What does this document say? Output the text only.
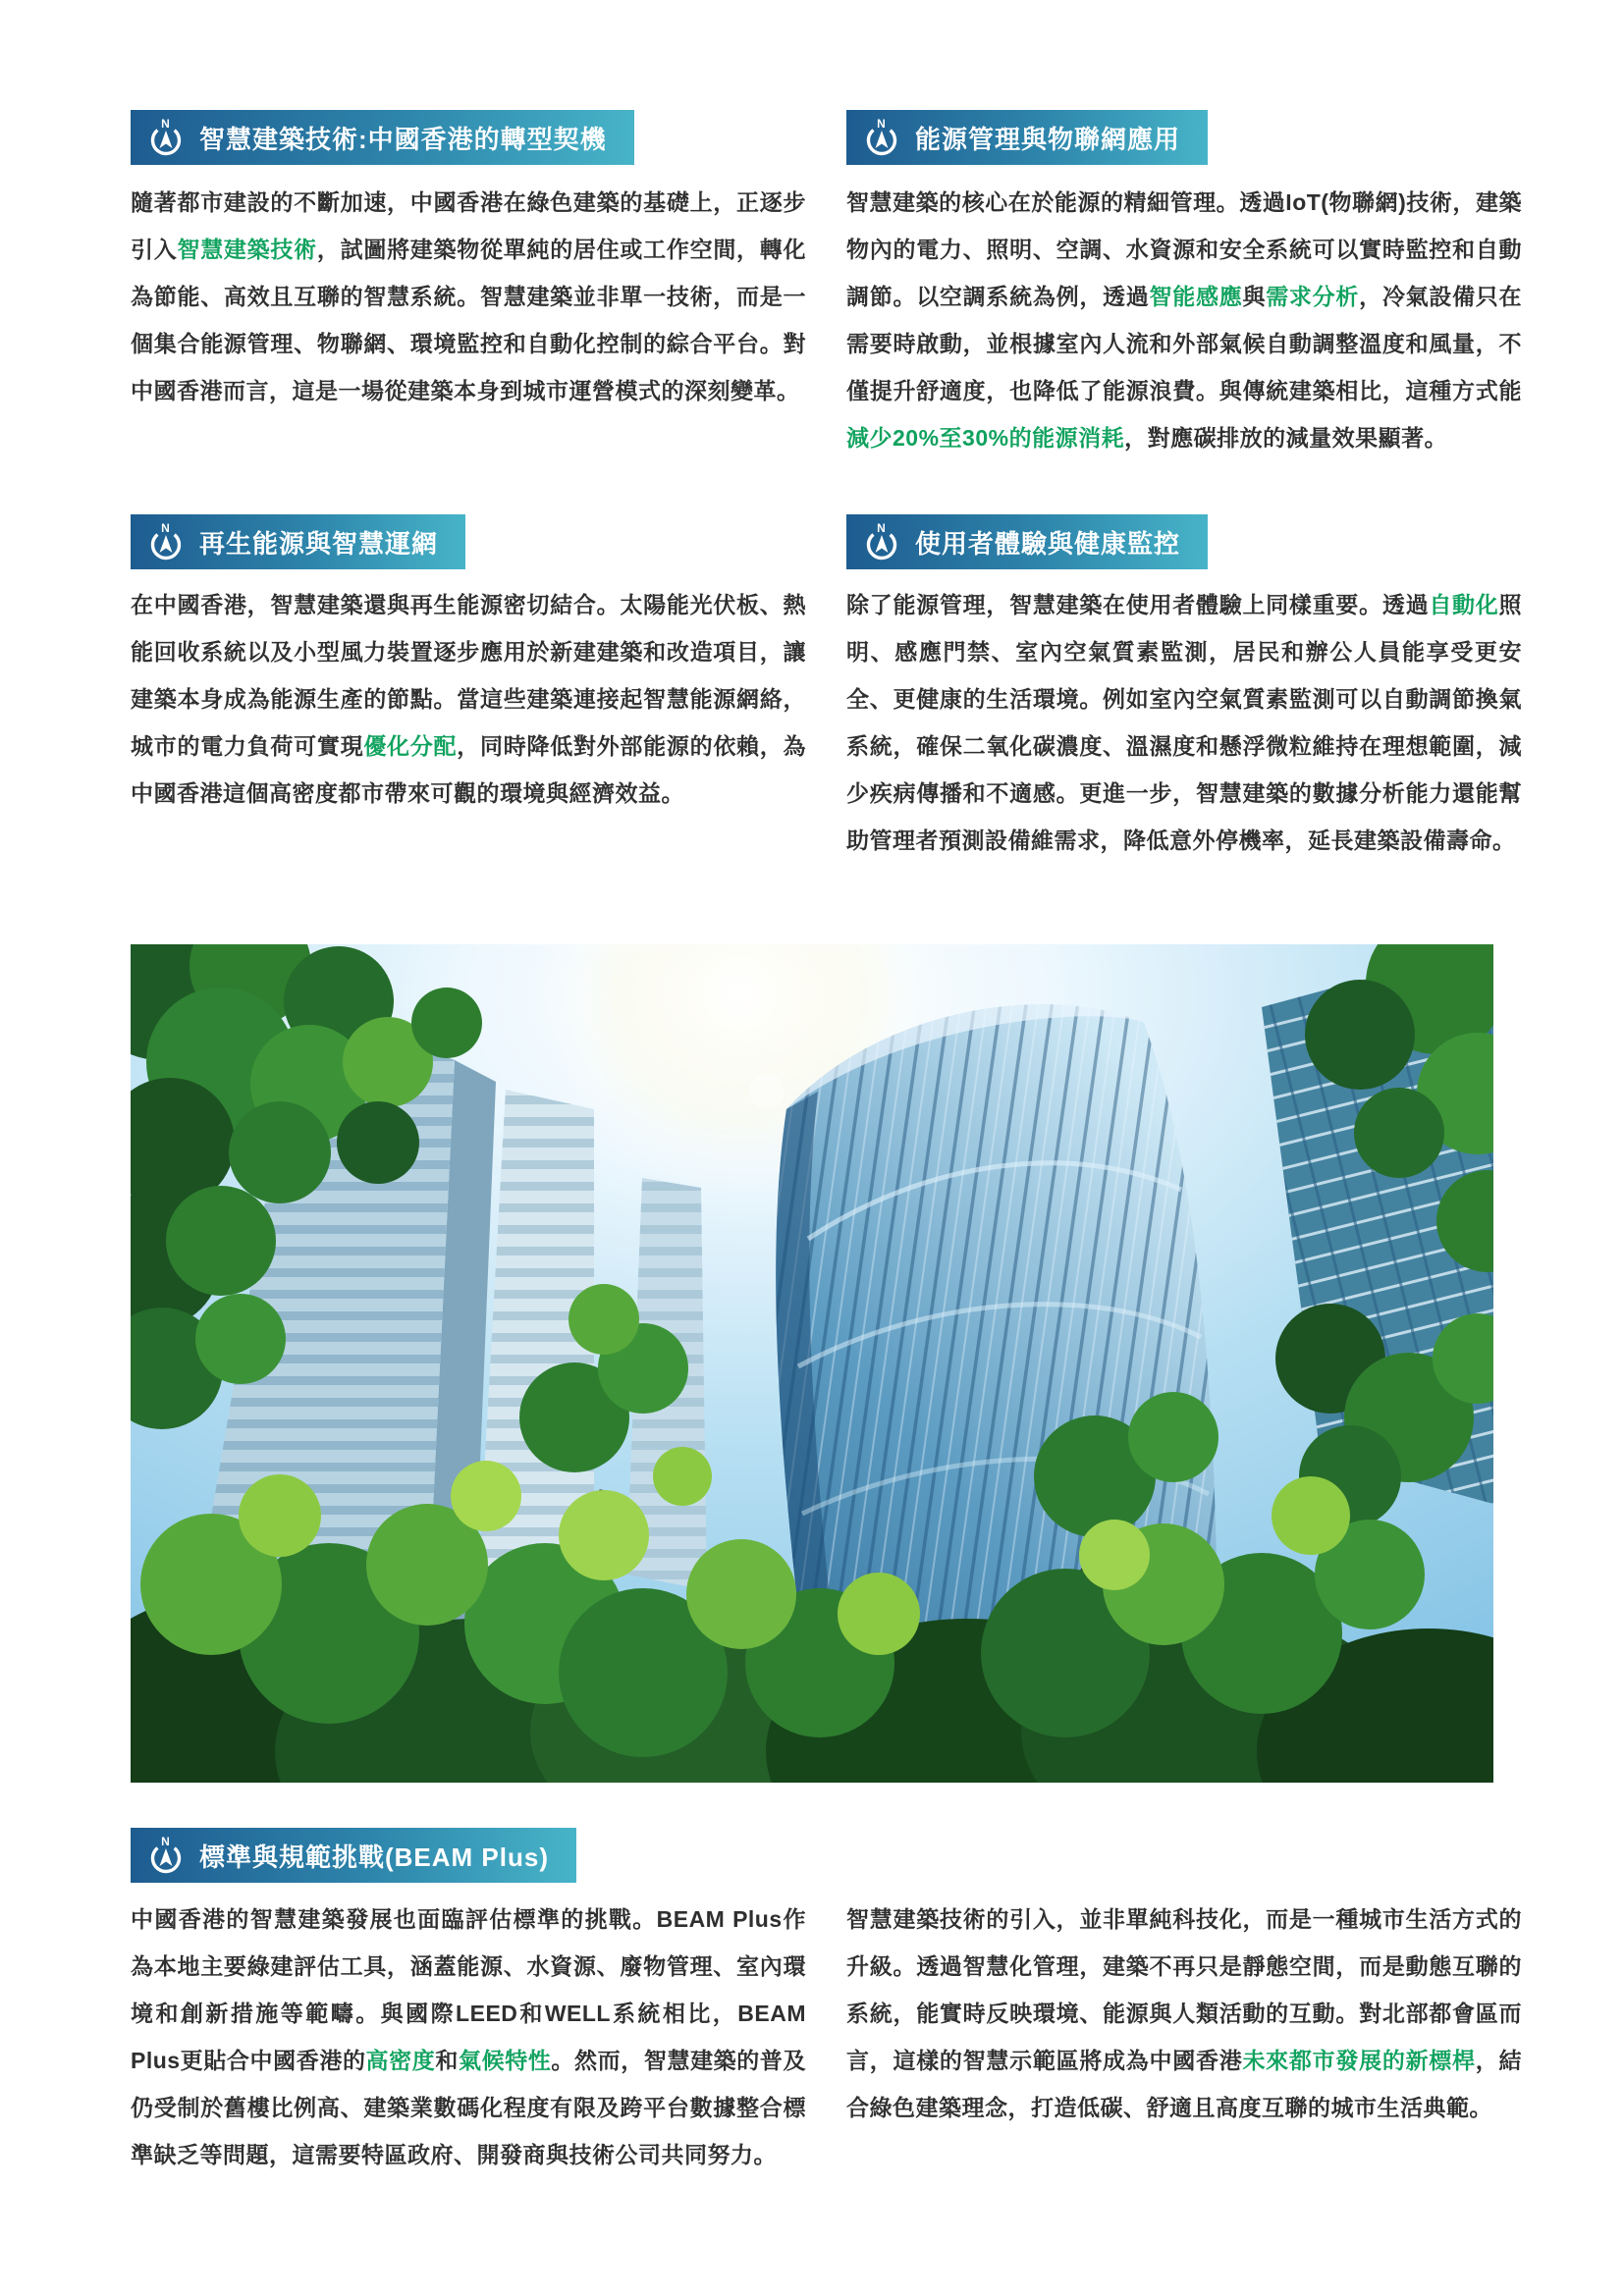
N
智慧建築技術:中國香港的轉型契機

隨著都市建設的不斷加速，中國香港在綠色建築的基礎上，正逐步引入智慧建築技術，試圖將建築物從單純的居住或工作空間，轉化為節能、高效且互聯的智慧系統。智慧建築並非單一技術，而是一個集合能源管理、物聯網、環境監控和自動化控制的綜合平台。對中國香港而言，這是一場從建築本身到城市運營模式的深刻變革。

N
能源管理與物聯網應用

智慧建築的核心在於能源的精細管理。透過IoT(物聯網)技術，建築物內的電力、照明、空調、水資源和安全系統可以實時監控和自動調節。以空調系統為例，透過智能感應與需求分析，冷氣設備只在需要時啟動，並根據室內人流和外部氣候自動調整溫度和風量，不僅提升舒適度，也降低了能源浪費。與傳統建築相比，這種方式能減少20%至30%的能源消耗，對應碳排放的減量效果顯著。

N
再生能源與智慧運網

在中國香港，智慧建築還與再生能源密切結合。太陽能光伏板、熱能回收系統以及小型風力裝置逐步應用於新建建築和改造項目，讓建築本身成為能源生產的節點。當這些建築連接起智慧能源網絡，城市的電力負荷可實現優化分配，同時降低對外部能源的依賴，為中國香港這個高密度都市帶來可觀的環境與經濟效益。

N
使用者體驗與健康監控

除了能源管理，智慧建築在使用者體驗上同樣重要。透過自動化照明、感應門禁、室內空氣質素監測，居民和辦公人員能享受更安全、更健康的生活環境。例如室內空氣質素監測可以自動調節換氣系統，確保二氧化碳濃度、溫濕度和懸浮微粒維持在理想範圍，減少疾病傳播和不適感。更進一步，智慧建築的數據分析能力還能幫助管理者預測設備維需求，降低意外停機率，延長建築設備壽命。

N
標準與規範挑戰(BEAM Plus)

中國香港的智慧建築發展也面臨評估標準的挑戰。BEAM Plus作為本地主要綠建評估工具，涵蓋能源、水資源、廢物管理、室內環境和創新措施等範疇。與國際LEED和WELL系統相比，BEAM Plus更貼合中國香港的高密度和氣候特性。然而，智慧建築的普及仍受制於舊樓比例高、建築業數碼化程度有限及跨平台數據整合標準缺乏等問題，這需要特區政府、開發商與技術公司共同努力。

智慧建築技術的引入，並非單純科技化，而是一種城市生活方式的升級。透過智慧化管理，建築不再只是靜態空間，而是動態互聯的系統，能實時反映環境、能源與人類活動的互動。對北部都會區而言，這樣的智慧示範區將成為中國香港未來都市發展的新標桿，結合綠色建築理念，打造低碳、舒適且高度互聯的城市生活典範。
